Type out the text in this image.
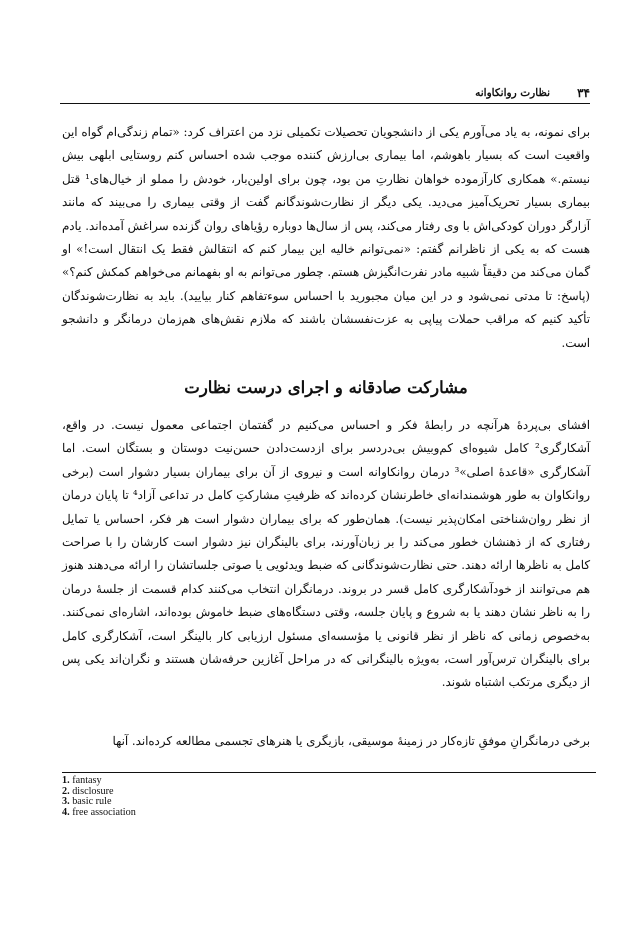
۳۴
نظارت روانکاوانه

برای نمونه، به یاد می‌آورم یکی از دانشجویان تحصیلات تکمیلی نزد من اعتراف کرد: «تمام زندگی‌ام گواه این واقعیت است که بسیار باهوشم، اما بیماری بی‌ارزش کننده موجب شده احساس کنم روستایی ابلهی بیش نیستم.» همکاری کارآزموده خواهان نظارتِ من بود، چون برای اولین‌بار، خودش را مملو از خیال‌های¹ قتل بیماری بسیار تحریک‌آمیز می‌دید. یکی دیگر از نظارت‌شوندگانم گفت از وقتی بیماری را می‌بیند که مانند آزارگر دوران کودکی‌اش با وی رفتار می‌کند، پس از سال‌ها دوباره رؤیاهای روان گزنده سراغش آمده‌اند. یادم هست که به یکی از ناظرانم گفتم: «نمی‌توانم خالیه این بیمار کنم که انتقالش فقط یک انتقال است!» او گمان می‌کند من دقیقاً شبیه مادر نفرت‌انگیزش هستم. چطور می‌توانم به او بفهمانم می‌خواهم کمکش کنم؟» (پاسخ: تا مدتی نمی‌شود و در این میان مجبورید با احساس سوءتفاهم کنار بیایید). باید به نظارت‌شوندگان تأکید کنیم که مراقب حملات پیاپی به عزت‌نفسشان باشند که ملازم نقش‌های هم‌زمان درمانگر و دانشجو است.

مشارکت صادقانه و اجرای درست نظارت

افشای بی‌پردهٔ هرآنچه در رابطهٔ فکر و احساس می‌کنیم در گفتمان اجتماعی معمول نیست. در واقع، آشکارگری² کامل شیوه‌ای کم‌وبیش بی‌دردسر برای ازدست‌دادن حسن‌نیت دوستان و بستگان است. اما آشکارگری «قاعدهٔ اصلی»³ درمان روانکاوانه است و نیروی از آن برای بیماران بسیار دشوار است (برخی روانکاوان به طور هوشمندانه‌ای خاطرنشان کرده‌اند که ظرفیتِ مشارکتِ کامل در تداعی آزاد⁴ تا پایان درمان از نظر روان‌شناختی امکان‌پذیر نیست). همان‌طور که برای بیماران دشوار است هر فکر، احساس یا تمایل رفتاری که از ذهنشان خطور می‌کند را بر زبان‌آورند، برای بالینگران نیز دشوار است کارشان را با صراحت کامل به ناظرها ارائه دهند. حتی نظارت‌شوندگانی که ضبط ویدئویی یا صوتی جلساتشان را ارائه می‌دهند هنوز هم می‌توانند از خودآشکارگری کامل قسر در بروند. درمانگران انتخاب می‌کنند کدام قسمت از جلسهٔ درمان را به ناظر نشان دهند یا به شروع و پایان جلسه، وقتی دستگاه‌های ضبط خاموش بوده‌اند، اشاره‌ای نمی‌کنند. به‌خصوص زمانی که ناظر از نظر قانونی یا مؤسسه‌ای مسئول ارزیابی کار بالینگر است، آشکارگری کامل برای بالینگران ترس‌آور است، به‌ویژه بالینگرانی که در مراحل آغازین حرفه‌شان هستند و نگران‌اند یکی پس از دیگری مرتکب اشتباه شوند.

برخی درمانگرانِ موفقِ تازه‌کار در زمینهٔ موسیقی، بازیگری یا هنرهای تجسمی مطالعه کرده‌اند. آنها

1. fantasy
2. disclosure
3. basic rule
4. free association
